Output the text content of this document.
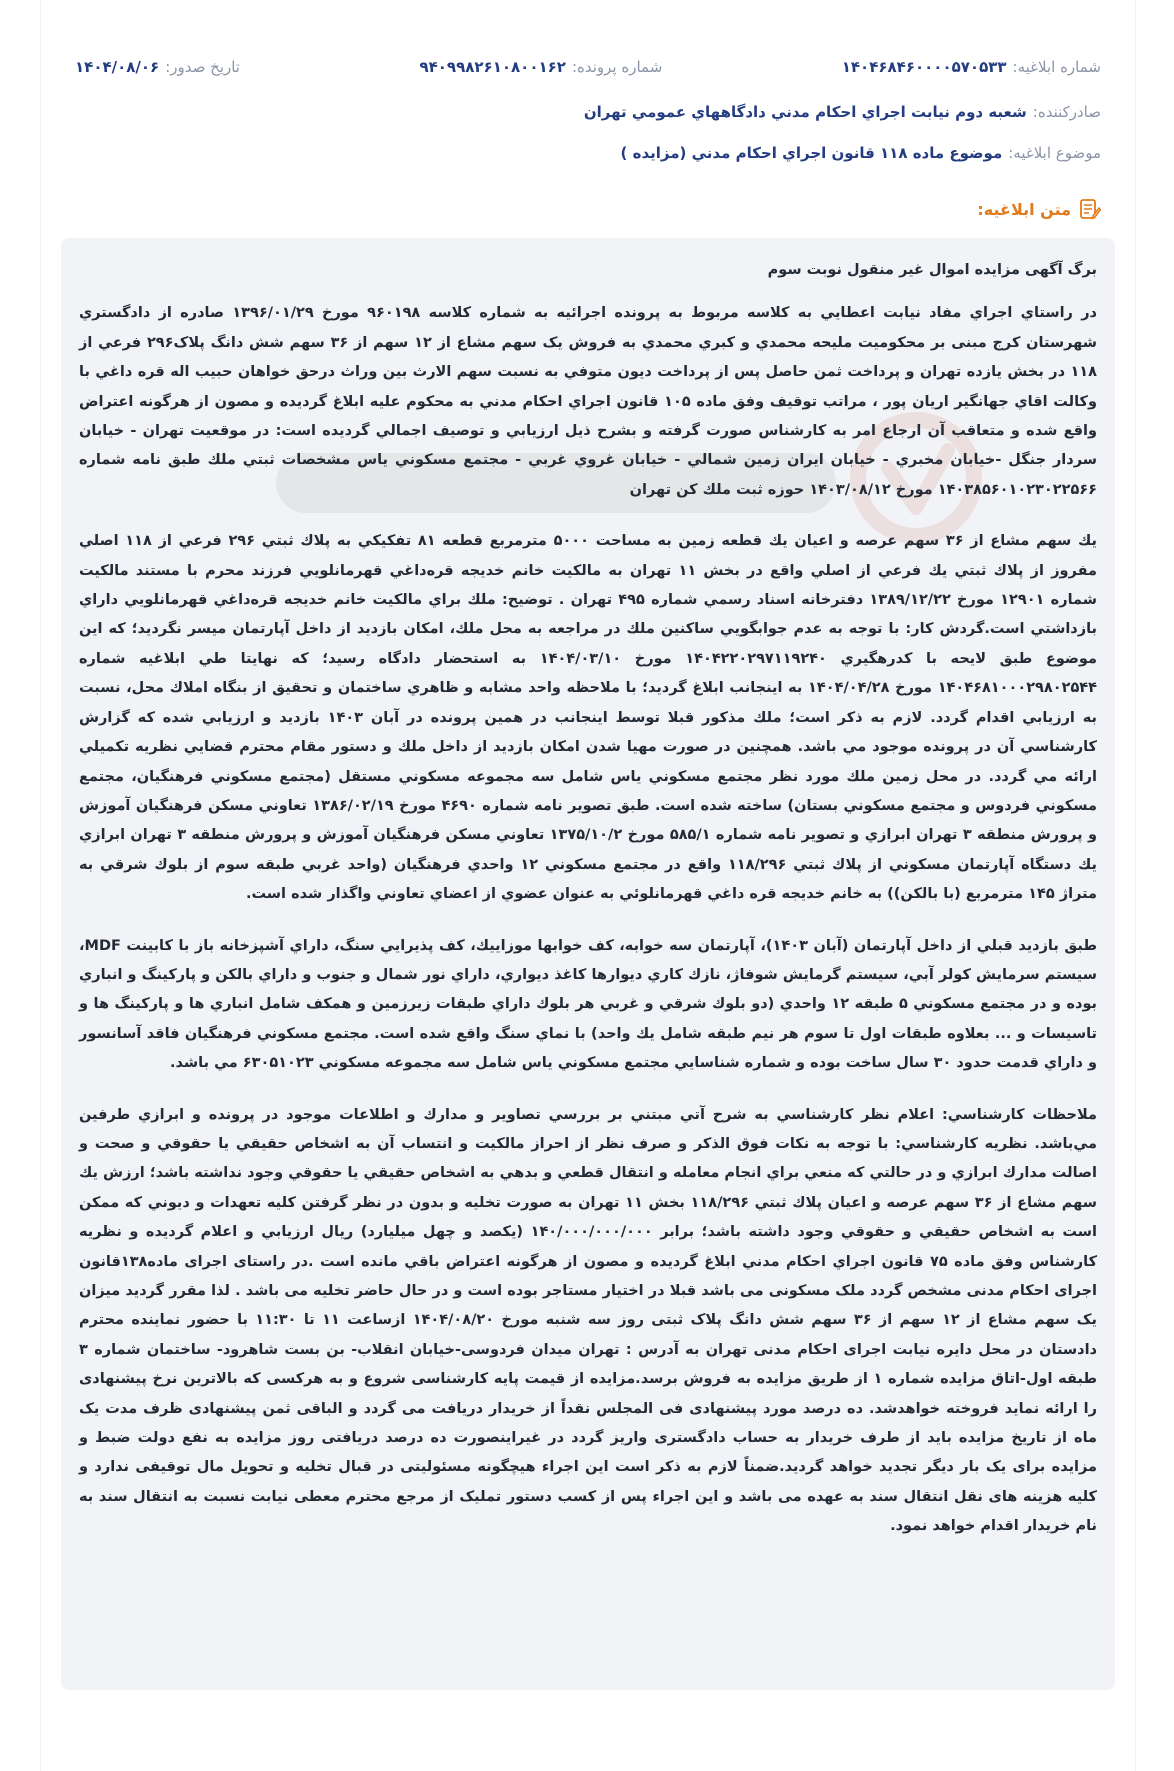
شماره ابلاغیه:
۱۴۰۴۶۸۴۶۰۰۰۰۵۷۰۵۳۳
شماره پرونده:
۹۴۰۹۹۸۲۶۱۰۸۰۰۱۶۲
تاریخ صدور:
۱۴۰۴/۰۸/۰۶
صادرکننده:
شعبه دوم نيابت اجراي احکام مدني دادگاههاي عمومي تهران
موضوع ابلاغیه:
موضوع ماده ۱۱۸ قانون اجراي احکام مدني (مزايده )
متن ابلاغیه:

برگ آگهی مزایده اموال غیر منقول نوبت سوم

در راستاي اجراي مفاد نيابت اعطايي به کلاسه مربوط به پرونده اجرائيه به شماره کلاسه ۹۶۰۱۹۸ مورخ ۱۳۹۶/۰۱/۲۹ صادره از دادگستري شهرستان کرج مبنى بر محکوميت مليحه محمدي و کبري محمدي به فروش يک سهم مشاع از ۱۲ سهم از ۳۶ سهم شش دانگ پلاک۲۹۶ فرعي از ۱۱۸ در بخش يازده تهران و پرداخت ثمن حاصل پس از پرداخت ديون متوفي به نسبت سهم الارث بين وراث درحق خواهان حبيب اله قره داغي با وکالت اقاي جهانگير اريان پور ، مراتب توقيف وفق ماده ۱۰۵ قانون اجراي احکام مدني به محکوم عليه ابلاغ گرديده و مصون از هرگونه اعتراض واقع شده و متعاقب آن ارجاع امر به کارشناس صورت گرفته و بشرح ذيل ارزيابي و توصيف اجمالي گرديده است: در موقعيت تهران - خيابان سردار جنگل -خيابان مخبري - خيابان ايران زمين شمالي - خيابان غروي غربي - مجتمع مسکوني ياس مشخصات ثبتي ملك طبق نامه شماره ۱۴۰۳۸۵۶۰۱۰۲۳۰۲۲۵۶۶ مورخ ۱۴۰۳/۰۸/۱۲ حوزه ثبت ملك كن تهران

يك سهم مشاع از ۳۶ سهم عرصه و اعيان يك قطعه زمين به مساحت ۵۰۰۰ مترمربع قطعه ۸۱ تفكيكي به پلاك ثبتي ۲۹۶ فرعي از ۱۱۸ اصلي مفروز از پلاك ثبتي يك فرعي از اصلي واقع در بخش ۱۱ تهران به مالكيت خانم خديجه قره‌داغي قهرمانلويي فرزند محرم با مستند مالكيت شماره ۱۲۹۰۱ مورخ ۱۳۸۹/۱۲/۲۲ دفترخانه اسناد رسمي شماره ۴۹۵ تهران . توضيح: ملك براي مالكيت خانم خديجه قره‌داغي قهرمانلويي داراي بازداشتي است.گردش كار: با توجه به عدم جوابگويي ساكنين ملك در مراجعه به محل ملك، امكان بازديد از داخل آپارتمان ميسر نگرديد؛ كه اين موضوع طبق لايحه با كدرهگيري ۱۴۰۴۲۲۰۲۹۷۱۱۹۲۴۰ مورخ ۱۴۰۴/۰۳/۱۰ به استحضار دادگاه رسيد؛ كه نهايتا طي ابلاغيه شماره ۱۴۰۴۶۸۱۰۰۰۲۹۸۰۲۵۴۴ مورخ ۱۴۰۴/۰۴/۲۸ به اينجانب ابلاغ گرديد؛ با ملاحظه واحد مشابه و ظاهري ساختمان و تحقيق از بنگاه املاك محل، نسبت به ارزيابي اقدام گردد. لازم به ذكر است؛ ملك مذكور قبلا توسط اينجانب در همين پرونده در آبان ۱۴۰۳ بازديد و ارزيابي شده كه گزارش كارشناسي آن در پرونده موجود مي باشد. همچنين در صورت مهيا شدن امكان بازديد از داخل ملك و دستور مقام محترم قضايي نظريه تكميلي ارائه مي گردد. در محل زمين ملك مورد نظر مجتمع مسكوني ياس شامل سه مجموعه مسكوني مستقل (مجتمع مسكوني فرهنگيان، مجتمع مسكوني فردوس و مجتمع مسكوني بستان) ساخته شده است. طبق تصوير نامه شماره ۴۶۹۰ مورخ ۱۳۸۶/۰۲/۱۹ تعاوني مسكن فرهنگيان آموزش و پرورش منطقه ۳ تهران ابرازي و تصوير نامه شماره ۵۸۵/۱ مورخ ۱۳۷۵/۱۰/۲ تعاوني مسكن فرهنگيان آموزش و پرورش منطقه ۳ تهران ابرازي يك دستگاه آپارتمان مسكوني از پلاك ثبتي ۱۱۸/۲۹۶ واقع در مجتمع مسكوني ۱۲ واحدي فرهنگيان (واحد غربي طبقه سوم از بلوك شرقي به متراژ ۱۴۵ مترمربع (با بالكن)) به خانم خديجه قره داغي قهرمانلوئي به عنوان عضوي از اعضاي تعاوني واگذار شده است.

طبق بازديد قبلي از داخل آپارتمان (آبان ۱۴۰۳)، آپارتمان سه خوابه، كف خوابها موزاييك، كف پذيرايي سنگ، داراي آشپزخانه باز با كابينت MDF، سيستم سرمايش كولر آبي، سيستم گرمايش شوفاژ، نازك كاري ديوارها كاغذ ديواري، داراي نور شمال و جنوب و داراي بالكن و پاركينگ و انباري بوده و در مجتمع مسكوني ۵ طبقه ۱۲ واحدي (دو بلوك شرقي و غربي هر بلوك داراي طبقات زيرزمين و همكف شامل انباري ها و پاركينگ ها و تاسيسات و ... بعلاوه طبقات اول تا سوم هر نيم طبقه شامل يك واحد) با نماي سنگ واقع شده است. مجتمع مسكوني فرهنگيان فاقد آسانسور و داراي قدمت حدود ۳۰ سال ساخت بوده و شماره شناسايي مجتمع مسكوني ياس شامل سه مجموعه مسكوني ۶۳۰۵۱۰۲۳ مي باشد.

ملاحظات كارشناسي: اعلام نظر كارشناسي به شرح آتي مبتني بر بررسي تصاوير و مدارك و اطلاعات موجود در پرونده و ابرازي طرفين مي‌باشد. نظريه كارشناسي: با توجه به نكات فوق الذكر و صرف نظر از احراز مالكيت و انتساب آن به اشخاص حقيقي يا حقوقي و صحت و اصالت مدارك ابرازي و در حالتي كه منعي براي انجام معامله و انتقال قطعي و بدهي به اشخاص حقيقي يا حقوقي وجود نداشته باشد؛ ارزش يك سهم مشاع از ۳۶ سهم عرصه و اعيان پلاك ثبتي ۱۱۸/۲۹۶ بخش ۱۱ تهران به صورت تخليه و بدون در نظر گرفتن كليه تعهدات و ديوني كه ممكن است به اشخاص حقيقي و حقوقي وجود داشته باشد؛ برابر ۱۴۰/۰۰۰/۰۰۰/۰۰۰ (يكصد و چهل ميليارد) ريال ارزيابي و اعلام گرديده و نظريه كارشناس وفق ماده ۷۵ قانون اجراي احكام مدني ابلاغ گرديده و مصون از هرگونه اعتراض باقي مانده است .در راستاى اجراى ماده۱۳۸قانون اجراى احکام مدنى مشخص گردد ملک مسکونى مى باشد قبلا در اختيار مستاجر بوده است و در حال حاضر تخليه مى باشد . لذا مقرر گرديد ميزان يک سهم مشاع از ۱۲ سهم از ۳۶ سهم شش دانگ پلاک ثبتى روز سه شنبه مورخ ۱۴۰۴/۰۸/۲۰ ازساعت ۱۱ تا ۱۱:۳۰ با حضور نماينده محترم دادستان در محل دايره نيابت اجراى احکام مدنى تهران به آدرس : تهران ميدان فردوسى-خيابان انقلاب- بن بست شاهرود- ساختمان شماره ۳ طبقه اول-اتاق مزايده شماره ۱ از طريق مزايده به فروش برسد.مزايده از قيمت پايه کارشناسى شروع و به هرکسى که بالاترين نرخ پيشنهادى را ارائه نمايد فروخته خواهدشد. ده درصد مورد پيشنهادى فى المجلس نقداً از خريدار دريافت مى گردد و الباقى ثمن پيشنهادى ظرف مدت يک ماه از تاريخ مزايده بايد از طرف خريدار به حساب دادگسترى واريز گردد در غيراينصورت ده درصد دريافتى روز مزايده به نفع دولت ضبط و مزايده براى يک بار ديگر تجديد خواهد گرديد.ضمناً لازم به ذکر است اين اجراء هيچگونه مسئوليتى در قبال تخليه و تحويل مال توقيفى ندارد و کليه هزينه هاى نقل انتقال سند به عهده مى باشد و اين اجراء پس از کسب دستور تمليک از مرجع محترم معطى نيابت نسبت به انتقال سند به نام خريدار اقدام خواهد نمود.
